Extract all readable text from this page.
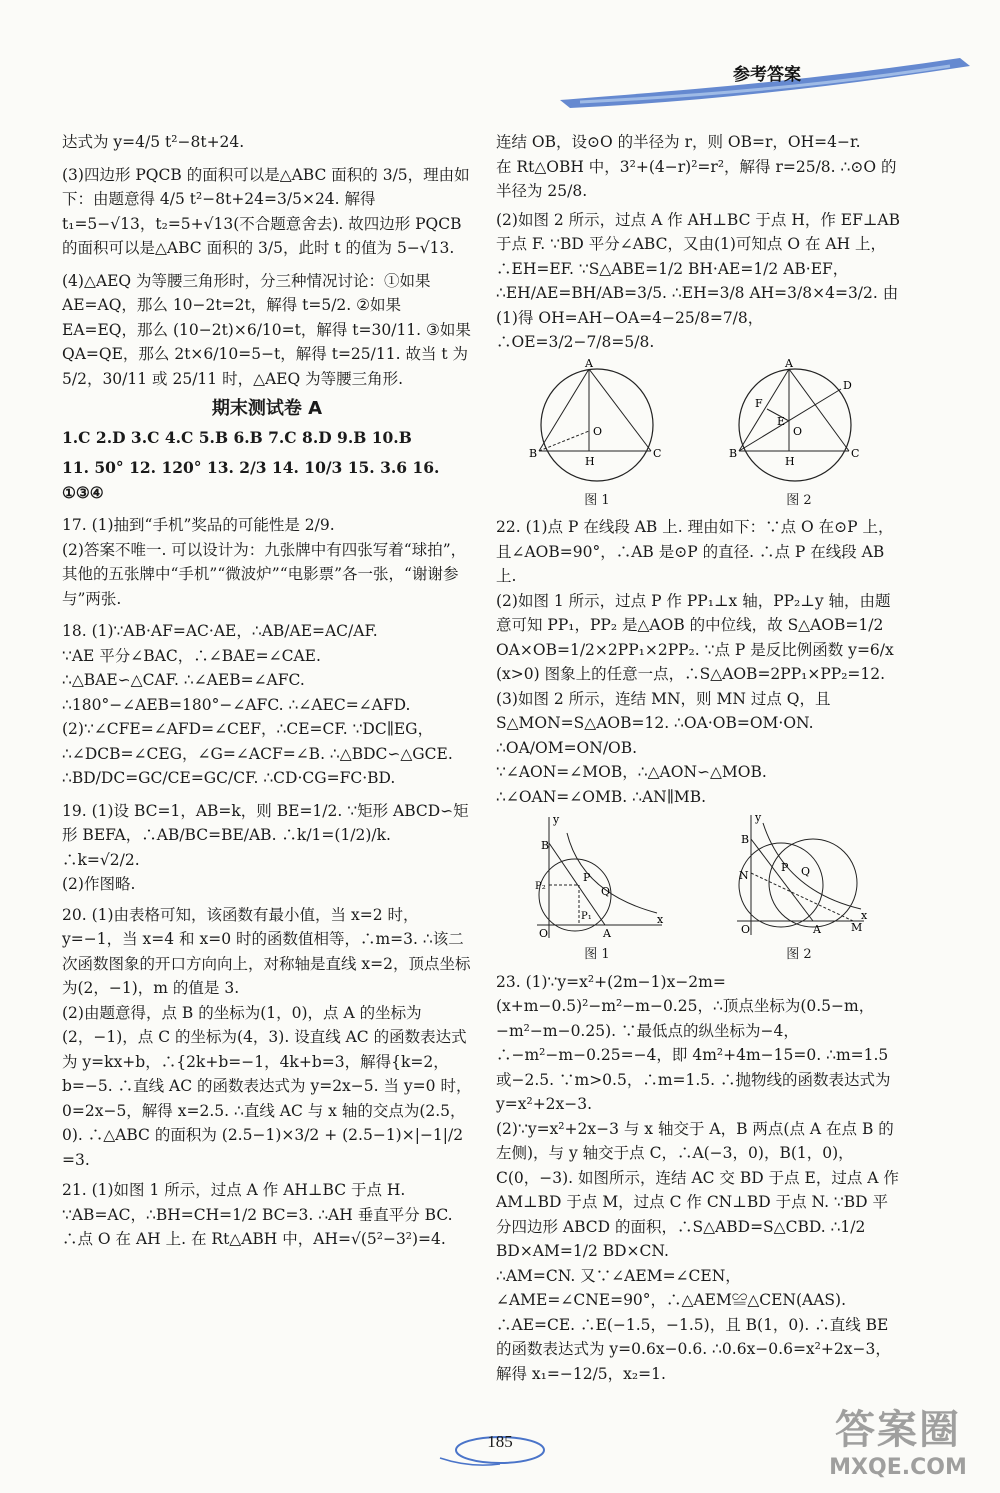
参考答案

达式为 y=4/5 t²−8t+24.

(3)四边形 PQCB 的面积可以是△ABC 面积的 3/5，理由如下：由题意得 4/5 t²−8t+24=3/5×24. 解得 t₁=5−√13，t₂=5+√13(不合题意舍去). 故四边形 PQCB 的面积可以是△ABC 面积的 3/5，此时 t 的值为 5−√13.

(4)△AEQ 为等腰三角形时，分三种情况讨论：①如果 AE=AQ，那么 10−2t=2t，解得 t=5/2. ②如果 EA=EQ，那么 (10−2t)×6/10=t，解得 t=30/11. ③如果 QA=QE，那么 2t×6/10=5−t，解得 t=25/11. 故当 t 为 5/2，30/11 或 25/11 时，△AEQ 为等腰三角形.

期末测试卷 A

1.C 2.D 3.C 4.C 5.B 6.B 7.C 8.D 9.B 10.B

11. 50° 12. 120° 13. 2/3 14. 10/3 15. 3.6 16. ①③④

17. (1)抽到“手机”奖品的可能性是 2/9.

(2)答案不唯一. 可以设计为：九张牌中有四张写着“球拍”，其他的五张牌中“手机”“微波炉”“电影票”各一张，“谢谢参与”两张.

18. (1)∵AB·AF=AC·AE，∴AB/AE=AC/AF.

∵AE 平分∠BAC，∴∠BAE=∠CAE.

∴△BAE∽△CAF. ∴∠AEB=∠AFC.

∴180°−∠AEB=180°−∠AFC. ∴∠AEC=∠AFD.

(2)∵∠CFE=∠AFD=∠CEF，∴CE=CF. ∵DC∥EG，∴∠DCB=∠CEG，∠G=∠ACF=∠B. ∴△BDC∽△GCE. ∴BD/DC=GC/CE=GC/CF. ∴CD·CG=FC·BD.

19. (1)设 BC=1，AB=k，则 BE=1/2. ∵矩形 ABCD∽矩形 BEFA，∴AB/BC=BE/AB. ∴k/1=(1/2)/k. ∴k=√2/2.

(2)作图略.

20. (1)由表格可知，该函数有最小值，当 x=2 时，y=−1，当 x=4 和 x=0 时的函数值相等，∴m=3. ∴该二次函数图象的开口方向向上，对称轴是直线 x=2，顶点坐标为(2，−1)，m 的值是 3.

(2)由题意得，点 B 的坐标为(1，0)，点 A 的坐标为(2，−1)，点 C 的坐标为(4，3). 设直线 AC 的函数表达式为 y=kx+b，∴{2k+b=−1，4k+b=3，解得{k=2，b=−5. ∴直线 AC 的函数表达式为 y=2x−5. 当 y=0 时，0=2x−5，解得 x=2.5. ∴直线 AC 与 x 轴的交点为(2.5，0). ∴△ABC 的面积为 (2.5−1)×3/2 + (2.5−1)×|−1|/2 =3.

21. (1)如图 1 所示，过点 A 作 AH⊥BC 于点 H.

∵AB=AC，∴BH=CH=1/2 BC=3. ∴AH 垂直平分 BC.

∴点 O 在 AH 上. 在 Rt△ABH 中，AH=√(5²−3²)=4.

连结 OB，设⊙O 的半径为 r，则 OB=r，OH=4−r.

在 Rt△OBH 中，3²+(4−r)²=r²，解得 r=25/8. ∴⊙O 的半径为 25/8.

(2)如图 2 所示，过点 A 作 AH⊥BC 于点 H，作 EF⊥AB 于点 F. ∵BD 平分∠ABC，又由(1)可知点 O 在 AH 上，∴EH=EF. ∵S△ABE=1/2 BH·AE=1/2 AB·EF，∴EH/AE=BH/AB=3/5. ∴EH=3/8 AH=3/8×4=3/2. 由(1)得 OH=AH−OA=4−25/8=7/8，∴OE=3/2−7/8=5/8.

A
B	C
O
H
图 1
A
B	C
D
F
E
O
H
图 2

22. (1)点 P 在线段 AB 上. 理由如下：∵点 O 在⊙P 上，且∠AOB=90°，∴AB 是⊙P 的直径. ∴点 P 在线段 AB 上.

(2)如图 1 所示，过点 P 作 PP₁⊥x 轴，PP₂⊥y 轴，由题意可知 PP₁，PP₂ 是△AOB 的中位线，故 S△AOB=1/2 OA×OB=1/2×2PP₁×2PP₂. ∵点 P 是反比例函数 y=6/x (x>0) 图象上的任意一点，∴S△AOB=2PP₁×PP₂=12.

(3)如图 2 所示，连结 MN，则 MN 过点 Q，且 S△MON=S△AOB=12. ∴OA·OB=OM·ON. ∴OA/OM=ON/OB.

∵∠AON=∠MOB，∴△AON∽△MOB.

∴∠OAN=∠OMB. ∴AN∥MB.

y
x
O
B
P
Q
P₂
P₁
A
图 1
y
x
O
B
N
P Q
A	M
图 2

23. (1)∵y=x²+(2m−1)x−2m=(x+m−0.5)²−m²−m−0.25，∴顶点坐标为(0.5−m，−m²−m−0.25). ∵最低点的纵坐标为−4，∴−m²−m−0.25=−4，即 4m²+4m−15=0. ∴m=1.5 或−2.5. ∵m>0.5，∴m=1.5. ∴抛物线的函数表达式为 y=x²+2x−3.

(2)∵y=x²+2x−3 与 x 轴交于 A，B 两点(点 A 在点 B 的左侧)，与 y 轴交于点 C，∴A(−3，0)，B(1，0)，C(0，−3). 如图所示，连结 AC 交 BD 于点 E，过点 A 作 AM⊥BD 于点 M，过点 C 作 CN⊥BD 于点 N. ∵BD 平分四边形 ABCD 的面积，∴S△ABD=S△CBD. ∴1/2 BD×AM=1/2 BD×CN.

∴AM=CN. 又∵∠AEM=∠CEN，∠AME=∠CNE=90°，∴△AEM≌△CEN(AAS). ∴AE=CE. ∴E(−1.5，−1.5)，且 B(1，0). ∴直线 BE 的函数表达式为 y=0.6x−0.6. ∴0.6x−0.6=x²+2x−3，解得 x₁=−12/5，x₂=1.

185	答案圈
MXQE.COM
